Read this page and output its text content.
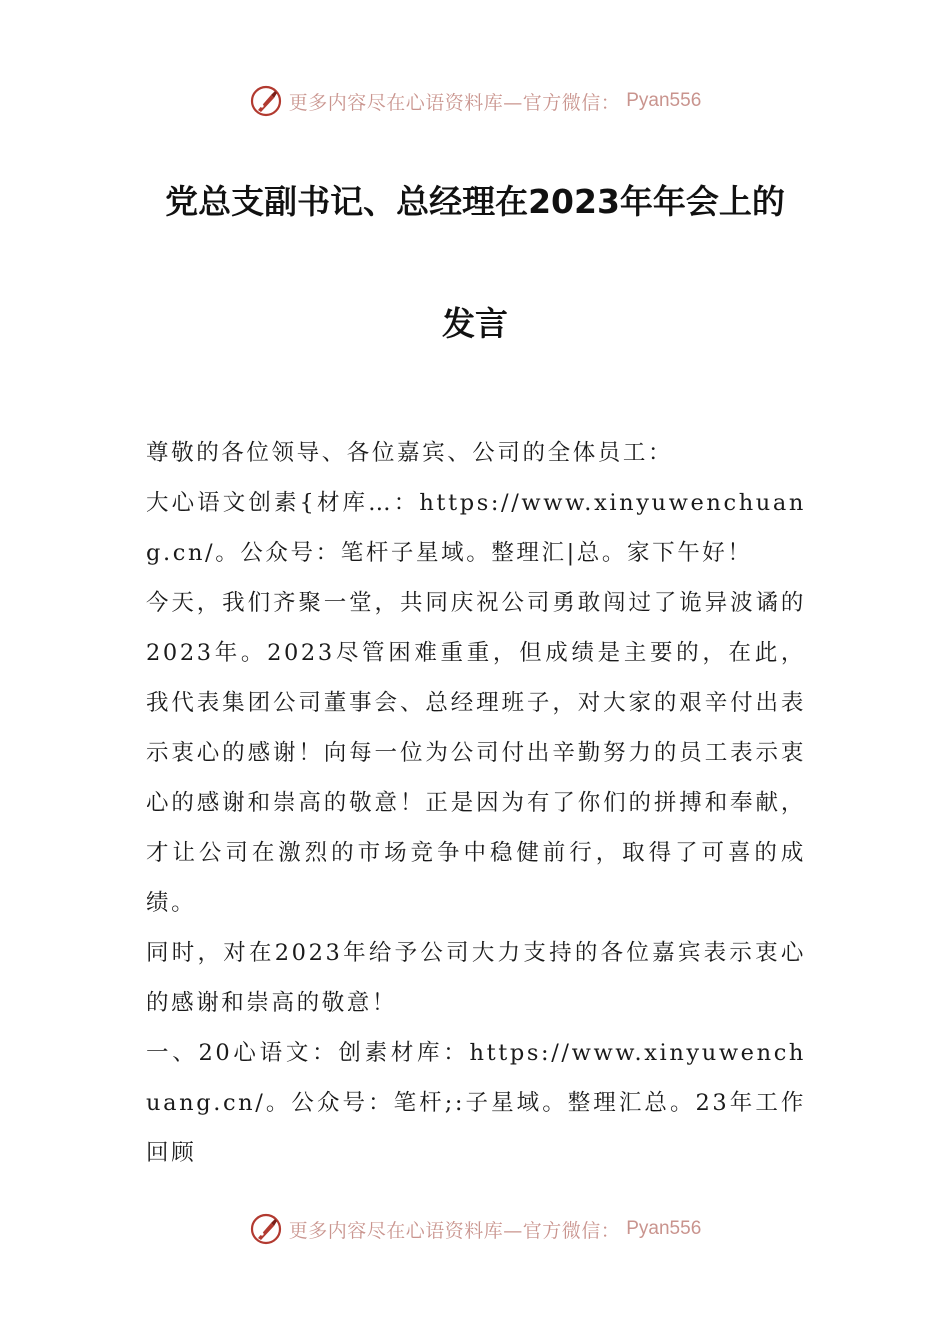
更多内容尽在心语资料库—官方微信： Pyan556
党总支副书记、总经理在2023年年会上的
发言

尊敬的各位领导、各位嘉宾、公司的全体员工：

大心语文创素{材库…：https://www.xinyuwenchuang.cn/。公众号：笔杆子星域。整理汇|总。家下午好！

今天，我们齐聚一堂，共同庆祝公司勇敢闯过了诡异波谲的2023年。2023尽管困难重重，但成绩是主要的，在此，我代表集团公司董事会、总经理班子，对大家的艰辛付出表示衷心的感谢！向每一位为公司付出辛勤努力的员工表示衷心的感谢和崇高的敬意！正是因为有了你们的拼搏和奉献，才让公司在激烈的市场竞争中稳健前行，取得了可喜的成绩。

同时，对在2023年给予公司大力支持的各位嘉宾表示衷心的感谢和崇高的敬意！

一、20心语文：创素材库：https://www.xinyuwenchuang.cn/。公众号：笔杆;:子星域。整理汇总。23年工作回顾

更多内容尽在心语资料库—官方微信： Pyan556
